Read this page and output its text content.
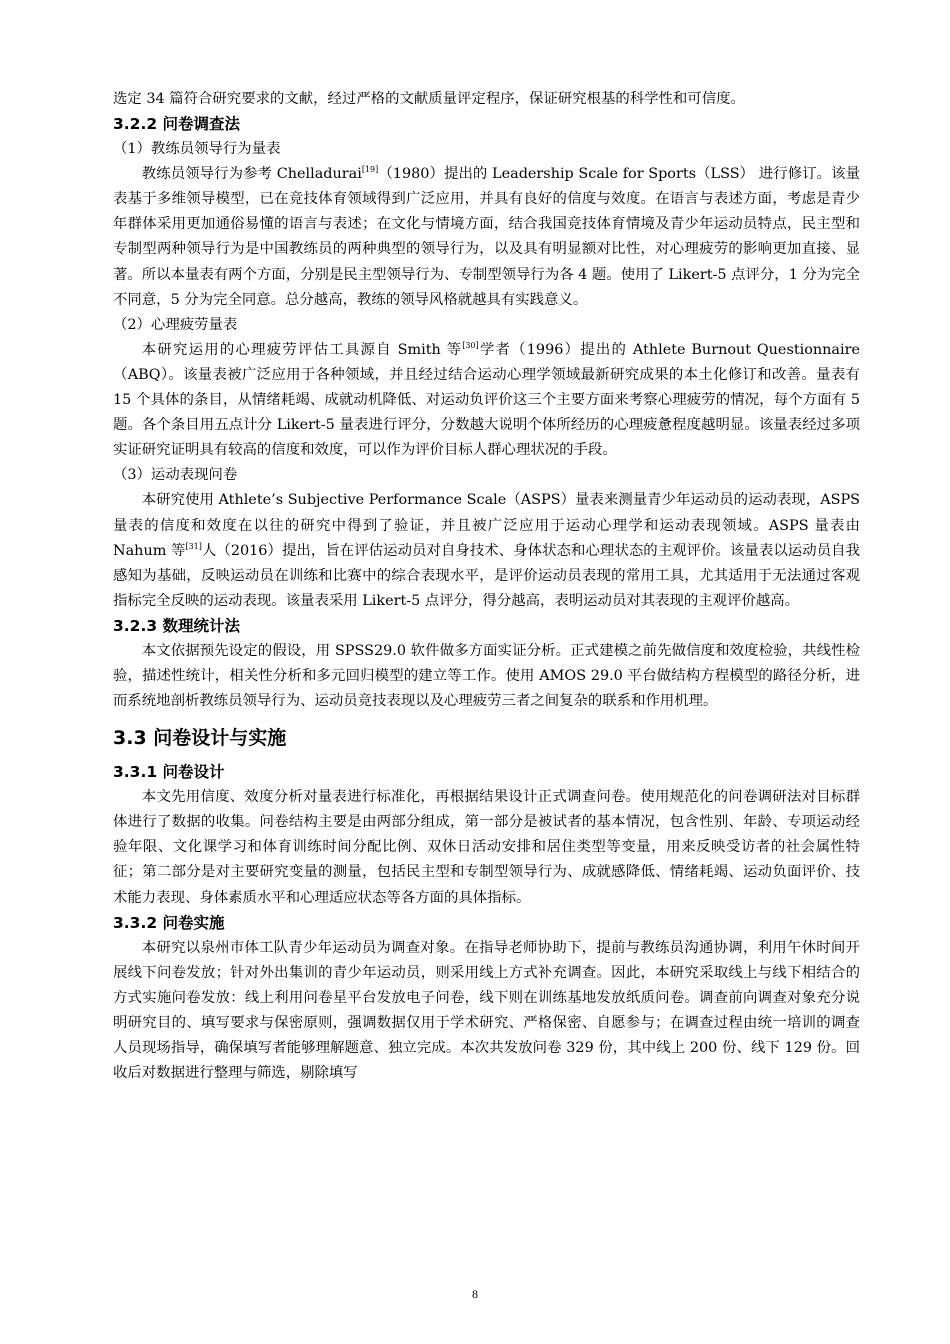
选定 34 篇符合研究要求的文献，经过严格的文献质量评定程序，保证研究根基的科学性和可信度。

3.2.2 问卷调查法

（1）教练员领导行为量表

教练员领导行为参考 Chelladurai[19]（1980）提出的 Leadership Scale for Sports（LSS） 进行修订。该量表基于多维领导模型，已在竞技体育领域得到广泛应用，并具有良好的信度与效度。在语言与表述方面，考虑是青少年群体采用更加通俗易懂的语言与表述；在文化与情境方面，结合我国竞技体育情境及青少年运动员特点，民主型和专制型两种领导行为是中国教练员的两种典型的领导行为，以及具有明显额对比性，对心理疲劳的影响更加直接、显著。所以本量表有两个方面，分别是民主型领导行为、专制型领导行为各 4 题。使用了 Likert-5 点评分，1 分为完全不同意，5 分为完全同意。总分越高，教练的领导风格就越具有实践意义。

（2）心理疲劳量表

本研究运用的心理疲劳评估工具源自 Smith 等[30]学者（1996）提出的 Athlete Burnout Questionnaire（ABQ）。该量表被广泛应用于各种领域，并且经过结合运动心理学领域最新研究成果的本土化修订和改善。量表有 15 个具体的条目，从情绪耗竭、成就动机降低、对运动负评价这三个主要方面来考察心理疲劳的情况，每个方面有 5 题。各个条目用五点计分 Likert-5 量表进行评分，分数越大说明个体所经历的心理疲惫程度越明显。该量表经过多项实证研究证明具有较高的信度和效度，可以作为评价目标人群心理状况的手段。

（3）运动表现问卷

本研究使用 Athlete’s Subjective Performance Scale（ASPS）量表来测量青少年运动员的运动表现，ASPS 量表的信度和效度在以往的研究中得到了验证，并且被广泛应用于运动心理学和运动表现领域。ASPS 量表由 Nahum 等[31]人（2016）提出，旨在评估运动员对自身技术、身体状态和心理状态的主观评价。该量表以运动员自我感知为基础，反映运动员在训练和比赛中的综合表现水平，是评价运动员表现的常用工具，尤其适用于无法通过客观指标完全反映的运动表现。该量表采用 Likert-5 点评分，得分越高，表明运动员对其表现的主观评价越高。

3.2.3 数理统计法

本文依据预先设定的假设，用 SPSS29.0 软件做多方面实证分析。正式建模之前先做信度和效度检验，共线性检验，描述性统计，相关性分析和多元回归模型的建立等工作。使用 AMOS 29.0 平台做结构方程模型的路径分析，进而系统地剖析教练员领导行为、运动员竞技表现以及心理疲劳三者之间复杂的联系和作用机理。

3.3 问卷设计与实施
3.3.1 问卷设计

本文先用信度、效度分析对量表进行标准化，再根据结果设计正式调查问卷。使用规范化的问卷调研法对目标群体进行了数据的收集。问卷结构主要是由两部分组成，第一部分是被试者的基本情况，包含性别、年龄、专项运动经验年限、文化课学习和体育训练时间分配比例、双休日活动安排和居住类型等变量，用来反映受访者的社会属性特征；第二部分是对主要研究变量的测量，包括民主型和专制型领导行为、成就感降低、情绪耗竭、运动负面评价、技术能力表现、身体素质水平和心理适应状态等各方面的具体指标。

3.3.2 问卷实施

本研究以泉州市体工队青少年运动员为调查对象。在指导老师协助下，提前与教练员沟通协调，利用午休时间开展线下问卷发放；针对外出集训的青少年运动员，则采用线上方式补充调查。因此，本研究采取线上与线下相结合的方式实施问卷发放：线上利用问卷星平台发放电子问卷，线下则在训练基地发放纸质问卷。调查前向调查对象充分说明研究目的、填写要求与保密原则，强调数据仅用于学术研究、严格保密、自愿参与；在调查过程由统一培训的调查人员现场指导，确保填写者能够理解题意、独立完成。本次共发放问卷 329 份，其中线上 200 份、线下 129 份。回收后对数据进行整理与筛选，剔除填写

8
